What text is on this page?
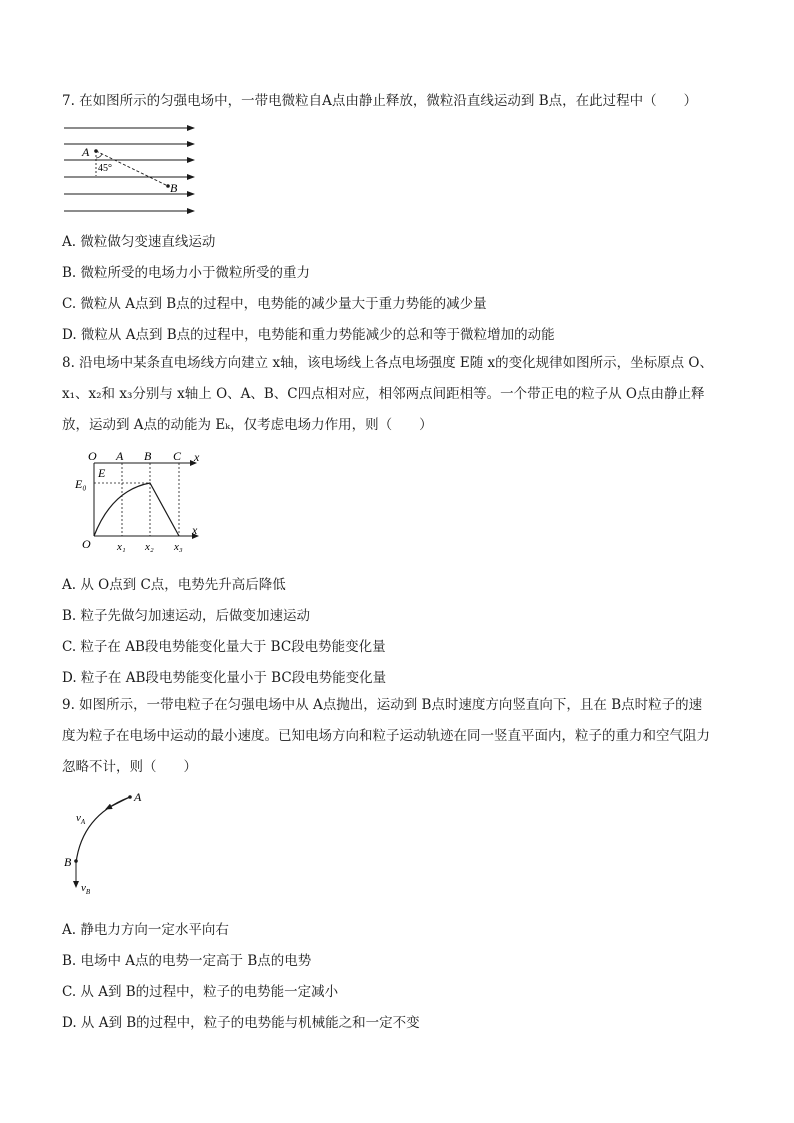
7. 在如图所示的匀强电场中，一带电微粒自A点由静止释放，微粒沿直线运动到 B点，在此过程中（　　）
A
B
45°
A. 微粒做匀变速直线运动
B. 微粒所受的电场力小于微粒所受的重力
C. 微粒从 A点到 B点的过程中，电势能的减少量大于重力势能的减少量
D. 微粒从 A点到 B点的过程中，电势能和重力势能减少的总和等于微粒增加的动能
8. 沿电场中某条直电场线方向建立 x轴，该电场线上各点电场强度 E随 x的变化规律如图所示，坐标原点 O、
x₁、x₂和 x₃分别与 x轴上 O、A、B、C四点相对应，相邻两点间距相等。一个带正电的粒子从 O点由静止释
放，运动到 A点的动能为 Eₖ，仅考虑电场力作用，则（　　）
O A B C x
E
E₀
O x₁ x₂ x₃
x
A. 从 O点到 C点，电势先升高后降低
B. 粒子先做匀加速运动，后做变加速运动
C. 粒子在 AB段电势能变化量大于 BC段电势能变化量
D. 粒子在 AB段电势能变化量小于 BC段电势能变化量
9. 如图所示，一带电粒子在匀强电场中从 A点抛出，运动到 B点时速度方向竖直向下，且在 B点时粒子的速
度为粒子在电场中运动的最小速度。已知电场方向和粒子运动轨迹在同一竖直平面内，粒子的重力和空气阻力
忽略不计，则（　　）
A
B
$v_A$
$v_B$
A. 静电力方向一定水平向右
B. 电场中 A点的电势一定高于 B点的电势
C. 从 A到 B的过程中，粒子的电势能一定减小
D. 从 A到 B的过程中，粒子的电势能与机械能之和一定不变
